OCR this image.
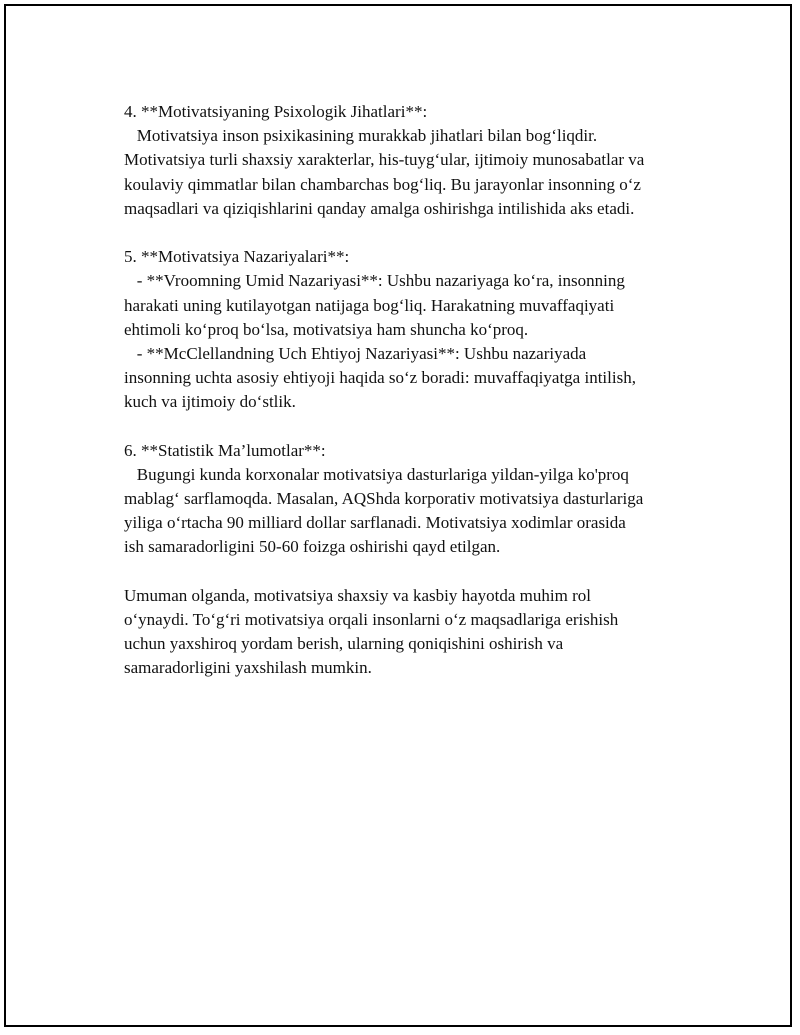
4. **Motivatsiyaning Psixologik Jihatlari**:
Motivatsiya inson psixikasining murakkab jihatlari bilan bog‘liqdir.
Motivatsiya turli shaxsiy xarakterlar, his-tuyg‘ular, ijtimoiy munosabatlar va
koulaviy qimmatlar bilan chambarchas bog‘liq. Bu jarayonlar insonning o‘z
maqsadlari va qiziqishlarini qanday amalga oshirishga intilishida aks etadi.
5. **Motivatsiya Nazariyalari**:
- **Vroomning Umid Nazariyasi**: Ushbu nazariyaga ko‘ra, insonning
harakati uning kutilayotgan natijaga bog‘liq. Harakatning muvaffaqiyati
ehtimoli ko‘proq bo‘lsa, motivatsiya ham shuncha ko‘proq.
- **McClellandning Uch Ehtiyoj Nazariyasi**: Ushbu nazariyada
insonning uchta asosiy ehtiyoji haqida so‘z boradi: muvaffaqiyatga intilish,
kuch va ijtimoiy do‘stlik.
6. **Statistik Ma’lumotlar**:
Bugungi kunda korxonalar motivatsiya dasturlariga yildan-yilga ko'proq
mablag‘ sarflamoqda. Masalan, AQShda korporativ motivatsiya dasturlariga
yiliga o‘rtacha 90 milliard dollar sarflanadi. Motivatsiya xodimlar orasida
ish samaradorligini 50-60 foizga oshirishi qayd etilgan.
Umuman olganda, motivatsiya shaxsiy va kasbiy hayotda muhim rol
o‘ynaydi. To‘g‘ri motivatsiya orqali insonlarni o‘z maqsadlariga erishish
uchun yaxshiroq yordam berish, ularning qoniqishini oshirish va
samaradorligini yaxshilash mumkin.
